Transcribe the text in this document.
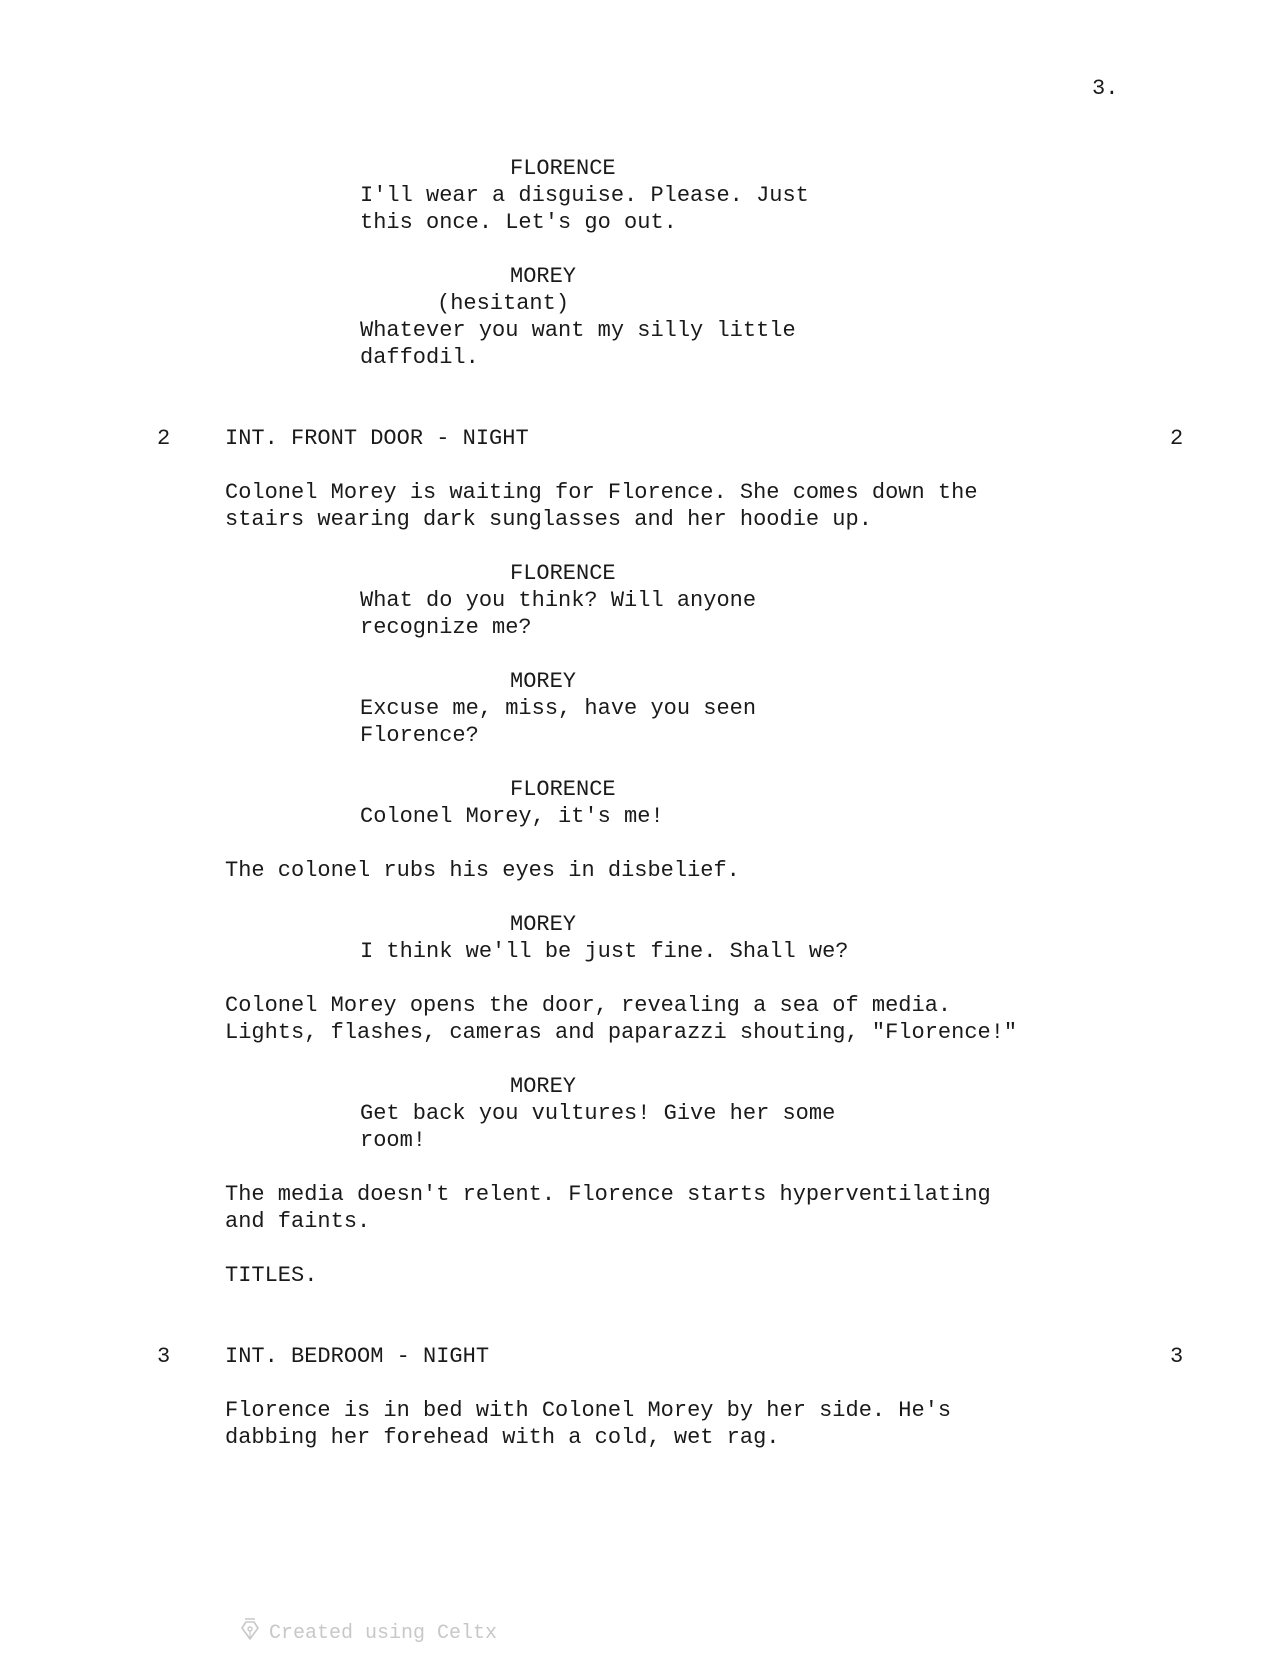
3.
FLORENCE
I'll wear a disguise. Please. Just
this once. Let's go out.
MOREY
(hesitant)
Whatever you want my silly little
daffodil.
2 INT. FRONT DOOR - NIGHT	2
Colonel Morey is waiting for Florence. She comes down the
stairs wearing dark sunglasses and her hoodie up.
FLORENCE
What do you think? Will anyone
recognize me?
MOREY
Excuse me, miss, have you seen
Florence?
FLORENCE
Colonel Morey, it's me!
The colonel rubs his eyes in disbelief.
MOREY
I think we'll be just fine. Shall we?
Colonel Morey opens the door, revealing a sea of media.
Lights, flashes, cameras and paparazzi shouting, "Florence!"
MOREY
Get back you vultures! Give her some
room!
The media doesn't relent. Florence starts hyperventilating
and faints.
TITLES.
3 INT. BEDROOM - NIGHT	3
Florence is in bed with Colonel Morey by her side. He's
dabbing her forehead with a cold, wet rag.

Created using Celtx
